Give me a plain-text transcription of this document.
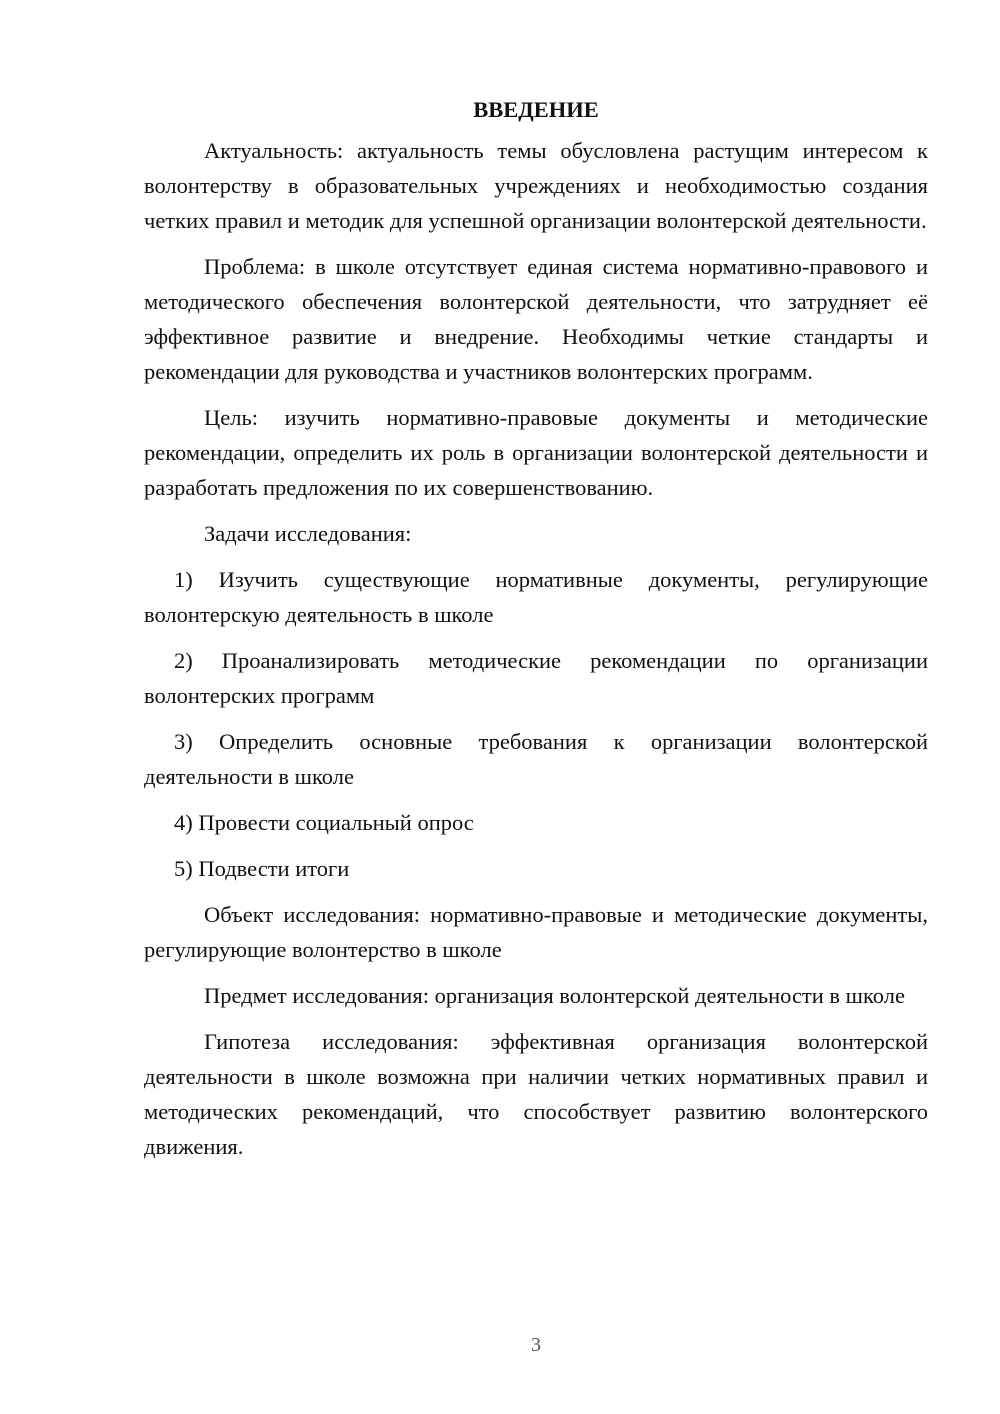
ВВЕДЕНИЕ

Актуальность: актуальность темы обусловлена растущим интересом к волонтерству в образовательных учреждениях и необходимостью создания четких правил и методик для успешной организации волонтерской деятельности.

Проблема: в школе отсутствует единая система нормативно-правового и методического обеспечения волонтерской деятельности, что затрудняет её эффективное развитие и внедрение. Необходимы четкие стандарты и рекомендации для руководства и участников волонтерских программ.

Цель: изучить нормативно-правовые документы и методические рекомендации, определить их роль в организации волонтерской деятельности и разработать предложения по их совершенствованию.

Задачи исследования:

1) Изучить существующие нормативные документы, регулирующие волонтерскую деятельность в школе

2) Проанализировать методические рекомендации по организации волонтерских программ

3) Определить основные требования к организации волонтерской деятельности в школе

4) Провести социальный опрос

5) Подвести итоги

Объект исследования: нормативно-правовые и методические документы, регулирующие волонтерство в школе

Предмет исследования: организация волонтерской деятельности в школе

Гипотеза исследования: эффективная организация волонтерской деятельности в школе возможна при наличии четких нормативных правил и методических рекомендаций, что способствует развитию волонтерского движения.

3
